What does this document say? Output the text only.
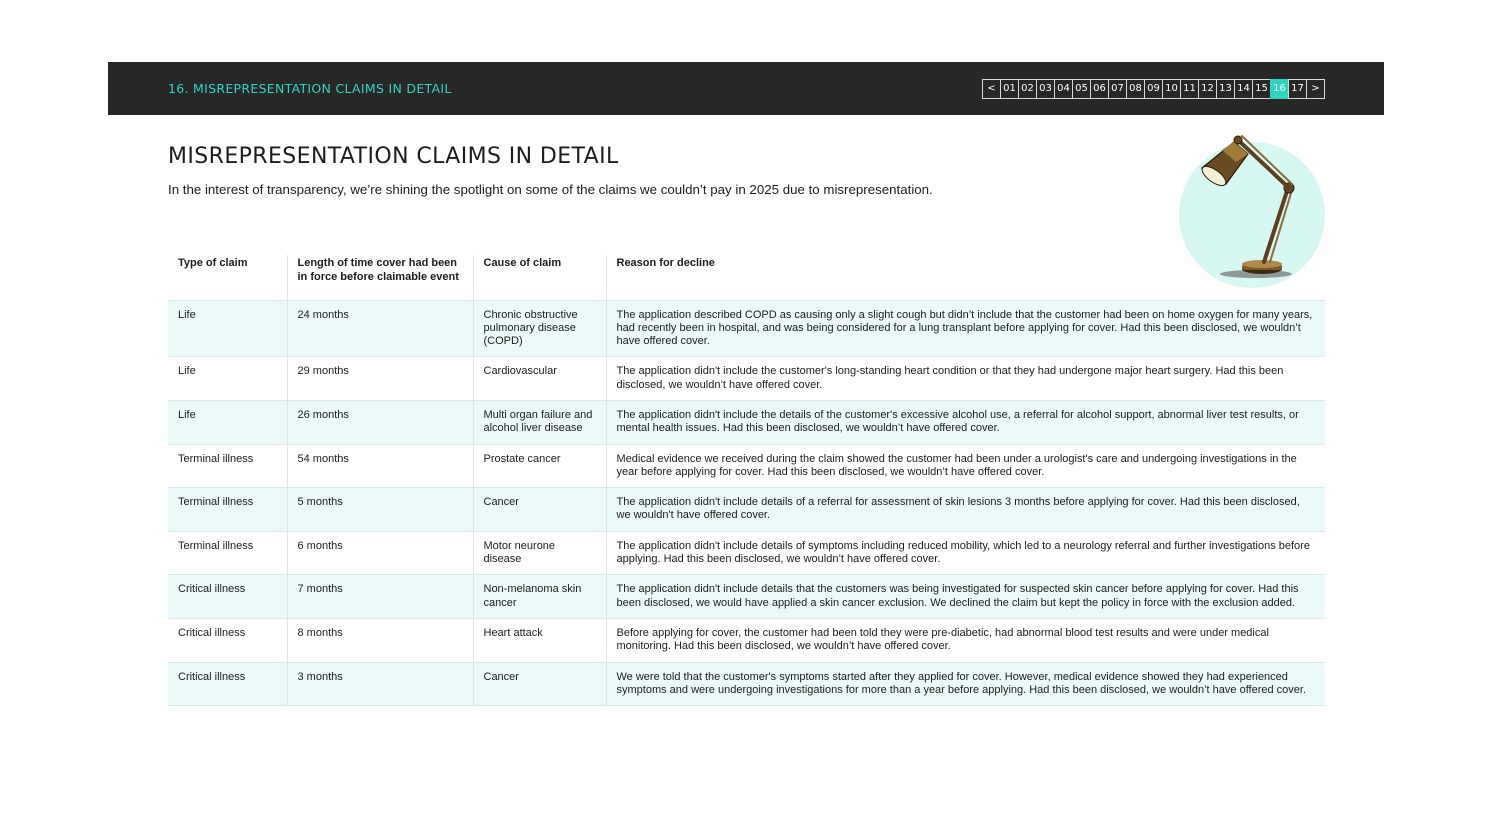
16. MISREPRESENTATION CLAIMS IN DETAIL	< 01 02 03 04 05 06 07 08 09 10 11 12 13 14 15 16 17 >
MISREPRESENTATION CLAIMS IN DETAIL

In the interest of transparency, we’re shining the spotlight on some of the claims we couldn’t pay in 2025 due to misrepresentation.

Type of claim	Length of time cover had been in force before claimable event	Cause of claim	Reason for decline
Life	24 months	Chronic obstructive pulmonary disease (COPD)	The application described COPD as causing only a slight cough but didn’t include that the customer had been on home oxygen for many years, had recently been in hospital, and was being considered for a lung transplant before applying for cover. Had this been disclosed, we wouldn’t have offered cover.
Life	29 months	Cardiovascular	The application didn't include the customer's long-standing heart condition or that they had undergone major heart surgery. Had this been disclosed, we wouldn’t have offered cover.
Life	26 months	Multi organ failure and alcohol liver disease	The application didn't include the details of the customer's excessive alcohol use, a referral for alcohol support, abnormal liver test results, or mental health issues. Had this been disclosed, we wouldn’t have offered cover.
Terminal illness	54 months	Prostate cancer	Medical evidence we received during the claim showed the customer had been under a urologist's care and undergoing investigations in the year before applying for cover. Had this been disclosed, we wouldn’t have offered cover.
Terminal illness	5 months	Cancer	The application didn't include details of a referral for assessment of skin lesions 3 months before applying for cover. Had this been disclosed, we wouldn't have offered cover.
Terminal illness	6 months	Motor neurone disease	The application didn't include details of symptoms including reduced mobility, which led to a neurology referral and further investigations before applying. Had this been disclosed, we wouldn’t have offered cover.
Critical illness	7 months	Non-melanoma skin cancer	The application didn't include details that the customers was being investigated for suspected skin cancer before applying for cover. Had this been disclosed, we would have applied a skin cancer exclusion. We declined the claim but kept the policy in force with the exclusion added.
Critical illness	8 months	Heart attack	Before applying for cover, the customer had been told they were pre-diabetic, had abnormal blood test results and were under medical monitoring. Had this been disclosed, we wouldn’t have offered cover.
Critical illness	3 months	Cancer	We were told that the customer's symptoms started after they applied for cover. However, medical evidence showed they had experienced symptoms and were undergoing investigations for more than a year before applying. Had this been disclosed, we wouldn’t have offered cover.
